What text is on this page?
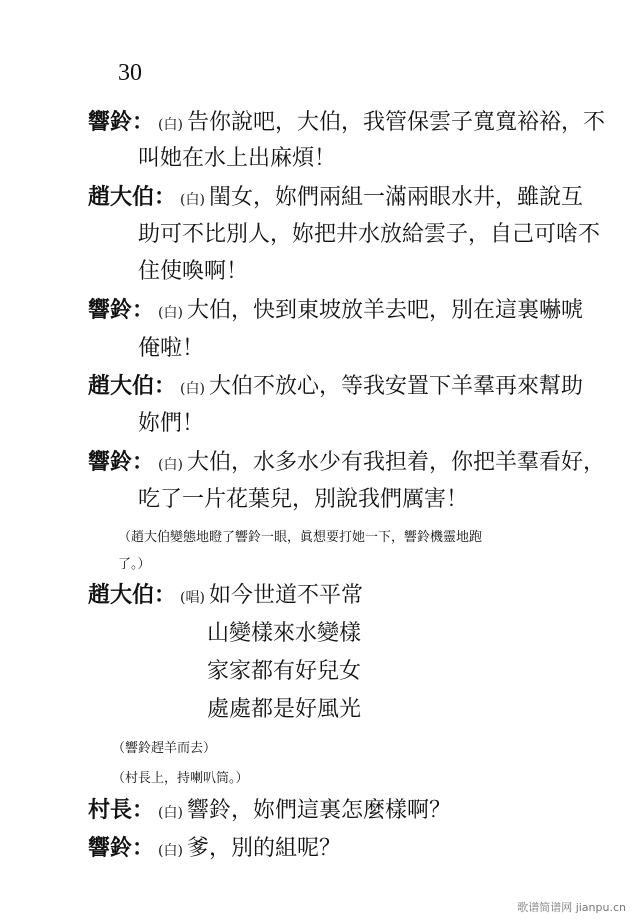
30
響鈴： (白) 告你說吧，大伯，我管保雲子寬寬裕裕，不
叫她在水上出麻煩！
趙大伯： (白) 閨女，妳們兩組一滿兩眼水井，雖說互
助可不比別人，妳把井水放給雲子，自己可啥不
住使喚啊！
響鈴： (白) 大伯，快到東坡放羊去吧，別在這裏嚇唬
俺啦！
趙大伯： (白) 大伯不放心，等我安置下羊羣再來幫助
妳們！
響鈴： (白) 大伯，水多水少有我担着，你把羊羣看好，
吃了一片花葉兒，別說我們厲害！
（趙大伯變態地瞪了響鈴一眼，眞想要打她一下，響鈴機靈地跑
了。）
趙大伯： (唱) 如今世道不平常
山變樣來水變樣
家家都有好兒女
處處都是好風光
（響鈴趕羊而去）
（村長上，持喇叭筒。）
村長： (白) 響鈴，妳們這裏怎麼樣啊？
響鈴： (白) 爹，別的組呢？
歌谱简谱网 jianpu.cn
